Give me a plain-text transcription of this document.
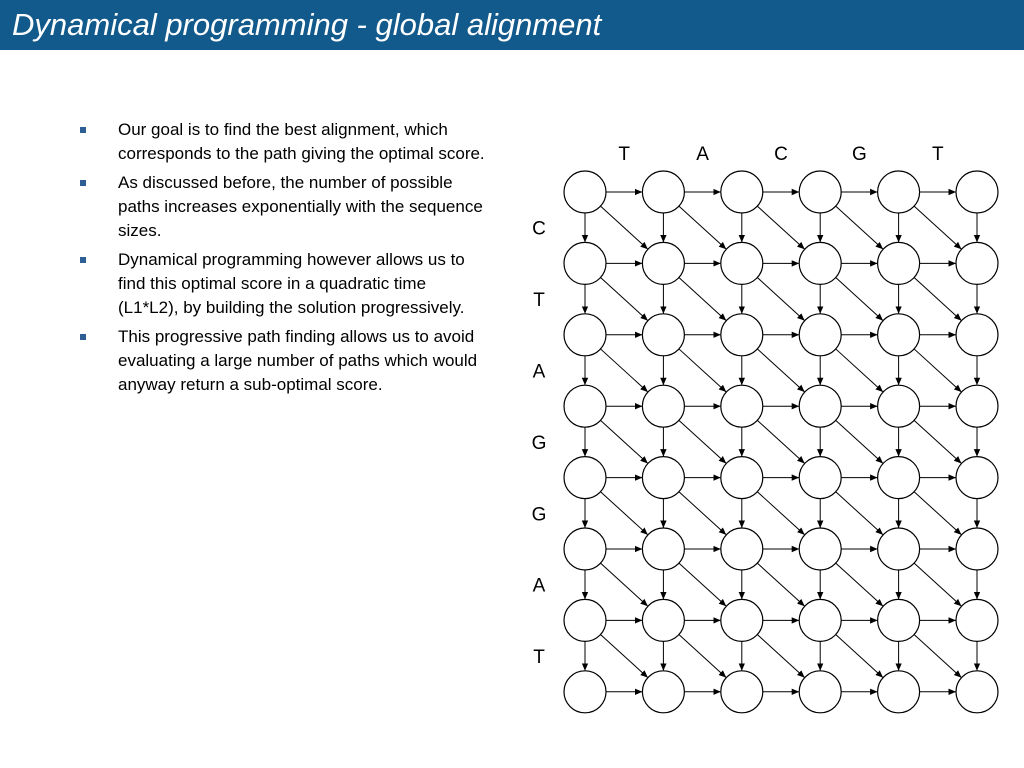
Dynamical programming - global alignment
Our goal is to find the best alignment, which corresponds to the path giving the optimal score.
As discussed before, the number of possible paths increases exponentially with the sequence sizes.
Dynamical programming however allows us to find this optimal score in a quadratic time (L1*L2), by building the solution progressively.
This progressive path finding allows us to avoid evaluating a large number of paths which would anyway return a sub-optimal score.
T	A	C	G	T
C
T
A
G
G
A
T
